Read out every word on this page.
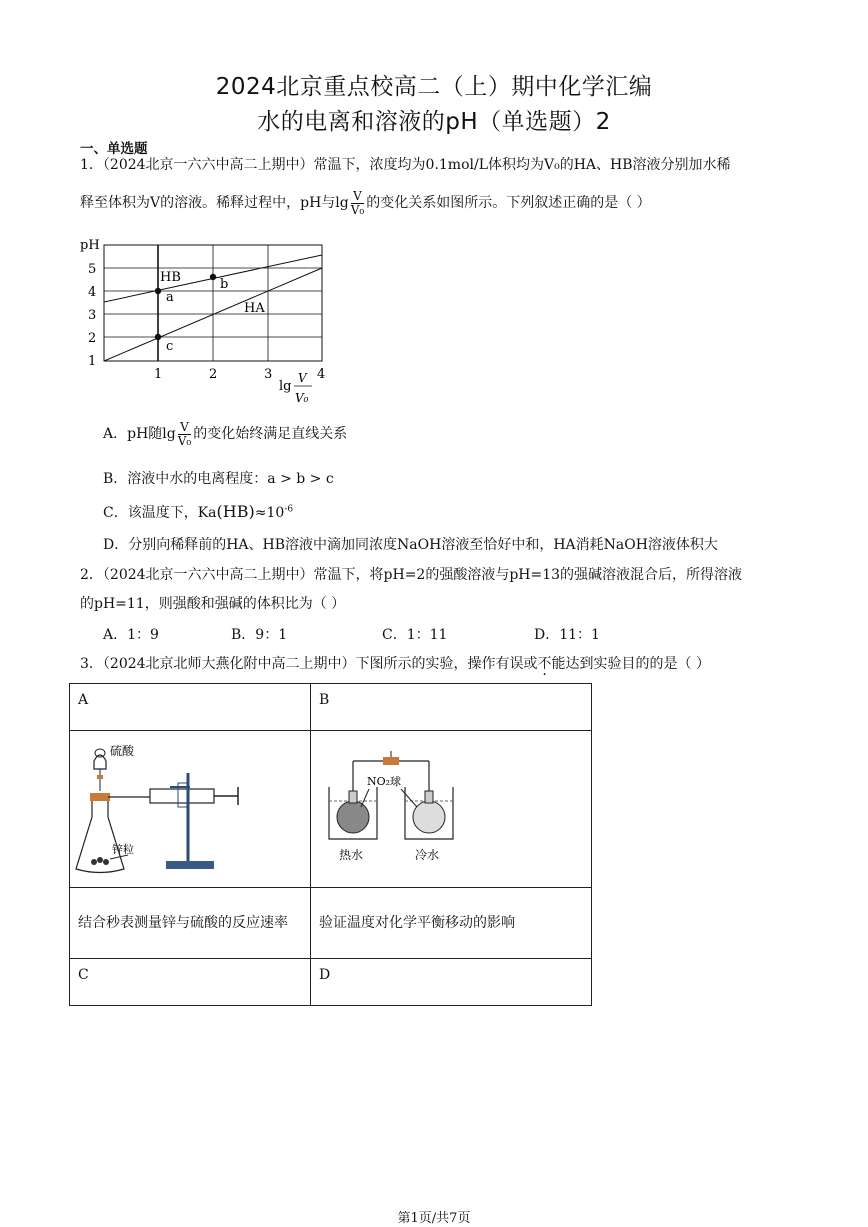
2024北京重点校高二（上）期中化学汇编
水的电离和溶液的pH（单选题）2
一、单选题
1．（2024北京一六六中高二上期中）常温下，浓度均为0.1mol/L体积均为V₀的HA、HB溶液分别加水稀
释至体积为V的溶液。稀释过程中，pH与$\lg \frac{V}{\text{V₀}}$ 的变化关系如图所示。下列叙述正确的是（ ）
HB
HA
a
b
c
pH
1
2
3
4
5
1	2	3	4
lg
V
V₀
A．pH随$\lg \frac{V}{\text{V₀}}$ 的变化始终满足直线关系
B．溶液中水的电离程度：a > b > c
C．该温度下，$Ka(HB)\approx 10^{-6}$
D．分别向稀释前的HA、HB溶液中滴加同浓度NaOH溶液至恰好中和，HA消耗NaOH溶液体积大
2．（2024北京一六六中高二上期中）常温下，将pH=2的强酸溶液与pH=13的强碱溶液混合后，所得溶液
的pH=11，则强酸和强碱的体积比为（ ）
A．1：9	B．9：1	C．1：11	D．11：1
3．（2024北京北师大燕化附中高二上期中）下图所示的实验，操作有误或不能达到实验目的的是（ ）
A	B

硫酸
锌粒	NO₂球
热水 冷水

结合秒表测量锌与硫酸的反应速率	验证温度对化学平衡移动的影响
C	D
第1页/共7页
